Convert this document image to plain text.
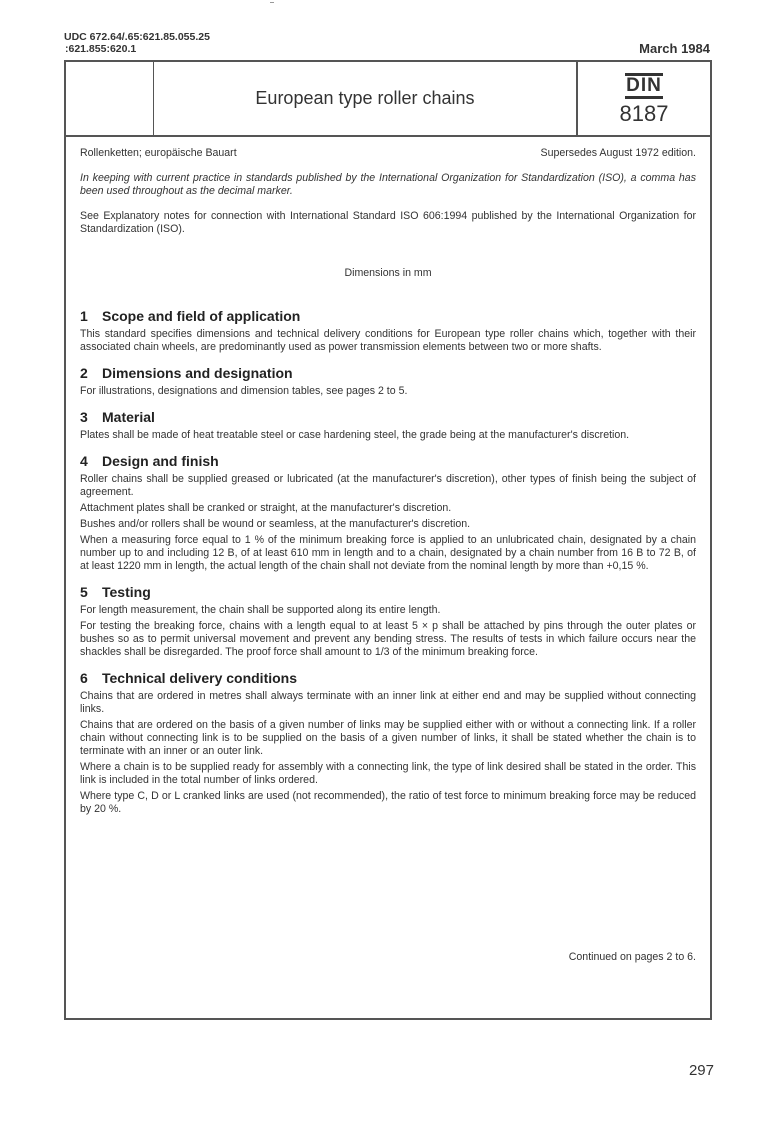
UDC 672.64/.65:621.85.055.25
:621.855:620.1	March 1984
European type roller chains
DIN
8187
Rollenketten; europäische Bauart	Supersedes August 1972 edition.

In keeping with current practice in standards published by the International Organization for Standardization (ISO), a comma has been used throughout as the decimal marker.

See Explanatory notes for connection with International Standard ISO 606:1994 published by the International Organization for Standardization (ISO).

Dimensions in mm
1 Scope and field of application

This standard specifies dimensions and technical delivery conditions for European type roller chains which, together with their associated chain wheels, are predominantly used as power transmission elements between two or more shafts.

2 Dimensions and designation

For illustrations, designations and dimension tables, see pages 2 to 5.

3 Material

Plates shall be made of heat treatable steel or case hardening steel, the grade being at the manufacturer's discretion.

4 Design and finish

Roller chains shall be supplied greased or lubricated (at the manufacturer's discretion), other types of finish being the subject of agreement.

Attachment plates shall be cranked or straight, at the manufacturer's discretion.

Bushes and/or rollers shall be wound or seamless, at the manufacturer's discretion.

When a measuring force equal to 1 % of the minimum breaking force is applied to an unlubricated chain, designated by a chain number up to and including 12 B, of at least 610 mm in length and to a chain, designated by a chain number from 16 B to 72 B, of at least 1220 mm in length, the actual length of the chain shall not deviate from the nominal length by more than +0,15 %.

5 Testing

For length measurement, the chain shall be supported along its entire length.

For testing the breaking force, chains with a length equal to at least 5 × p shall be attached by pins through the outer plates or bushes so as to permit universal movement and prevent any bending stress. The results of tests in which failure occurs near the shackles shall be disregarded. The proof force shall amount to 1/3 of the minimum breaking force.

6 Technical delivery conditions

Chains that are ordered in metres shall always terminate with an inner link at either end and may be supplied without connecting links.

Chains that are ordered on the basis of a given number of links may be supplied either with or without a connecting link. If a roller chain without connecting link is to be supplied on the basis of a given number of links, it shall be stated whether the chain is to terminate with an inner or an outer link.

Where a chain is to be supplied ready for assembly with a connecting link, the type of link desired shall be stated in the order. This link is included in the total number of links ordered.

Where type C, D or L cranked links are used (not recommended), the ratio of test force to minimum breaking force may be reduced by 20 %.

Continued on pages 2 to 6.
297
